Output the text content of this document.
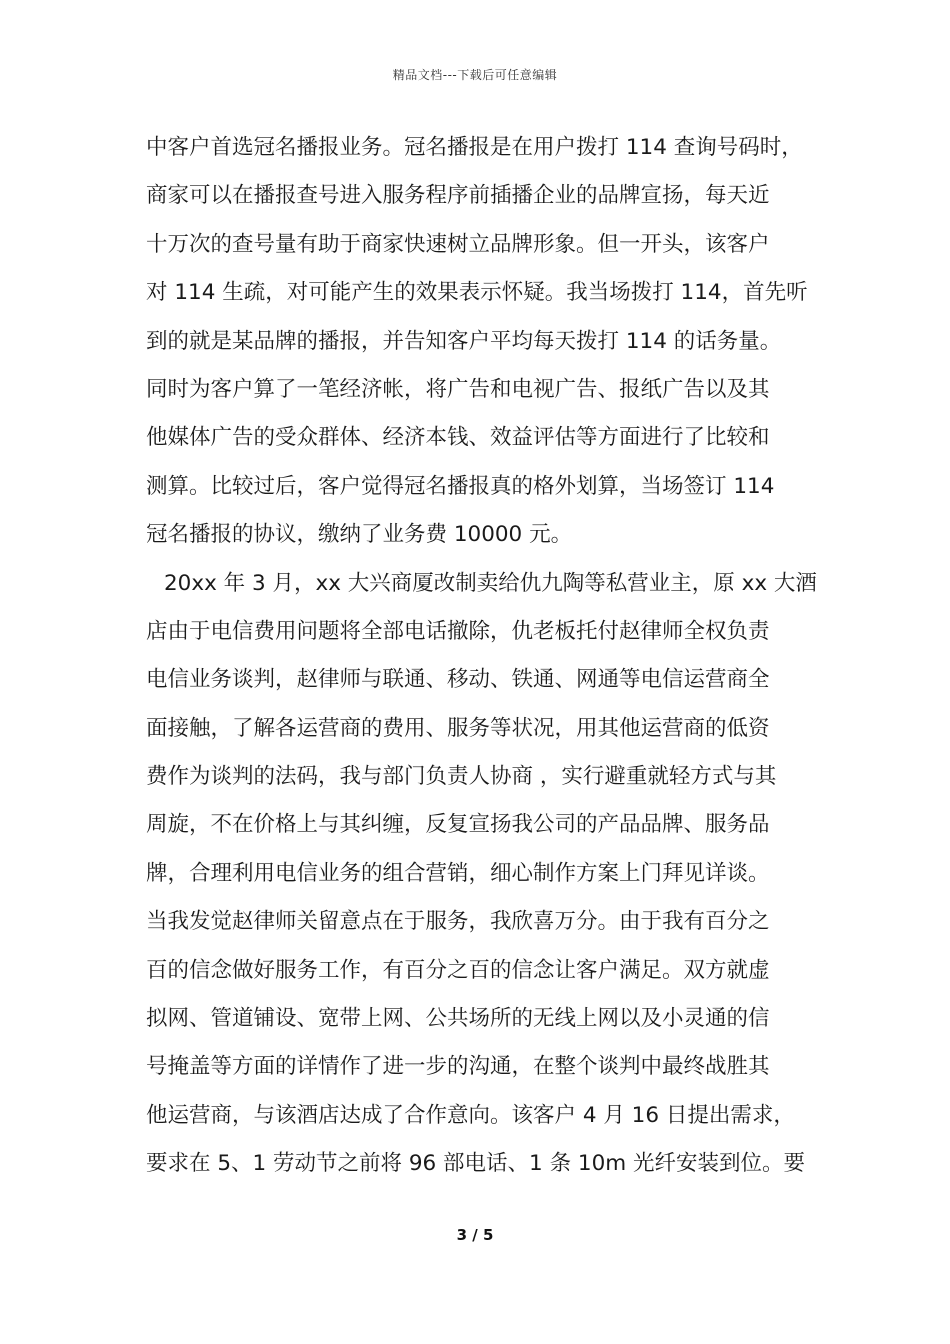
精品文档---下载后可任意编辑
中客户首选冠名播报业务。冠名播报是在用户拨打 114 查询号码时，
商家可以在播报查号进入服务程序前插播企业的品牌宣扬，每天近
十万次的查号量有助于商家快速树立品牌形象。但一开头，该客户
对 114 生疏，对可能产生的效果表示怀疑。我当场拨打 114，首先听
到的就是某品牌的播报，并告知客户平均每天拨打 114 的话务量。
同时为客户算了一笔经济帐，将广告和电视广告、报纸广告以及其
他媒体广告的受众群体、经济本钱、效益评估等方面进行了比较和
测算。比较过后，客户觉得冠名播报真的格外划算，当场签订 114
冠名播报的协议，缴纳了业务费 10000 元。
20xx 年 3 月，xx 大兴商厦改制卖给仇九陶等私营业主，原 xx 大酒
店由于电信费用问题将全部电话撤除，仇老板托付赵律师全权负责
电信业务谈判，赵律师与联通、移动、铁通、网通等电信运营商全
面接触，了解各运营商的费用、服务等状况，用其他运营商的低资
费作为谈判的法码，我与部门负责人协商 ，实行避重就轻方式与其
周旋，不在价格上与其纠缠，反复宣扬我公司的产品品牌、服务品
牌，合理利用电信业务的组合营销，细心制作方案上门拜见详谈。
当我发觉赵律师关留意点在于服务，我欣喜万分。由于我有百分之
百的信念做好服务工作，有百分之百的信念让客户满足。双方就虚
拟网、管道铺设、宽带上网、公共场所的无线上网以及小灵通的信
号掩盖等方面的详情作了进一步的沟通，在整个谈判中最终战胜其
他运营商，与该酒店达成了合作意向。该客户 4 月 16 日提出需求，
要求在 5、1 劳动节之前将 96 部电话、1 条 10m 光纤安装到位。要
3 / 5
